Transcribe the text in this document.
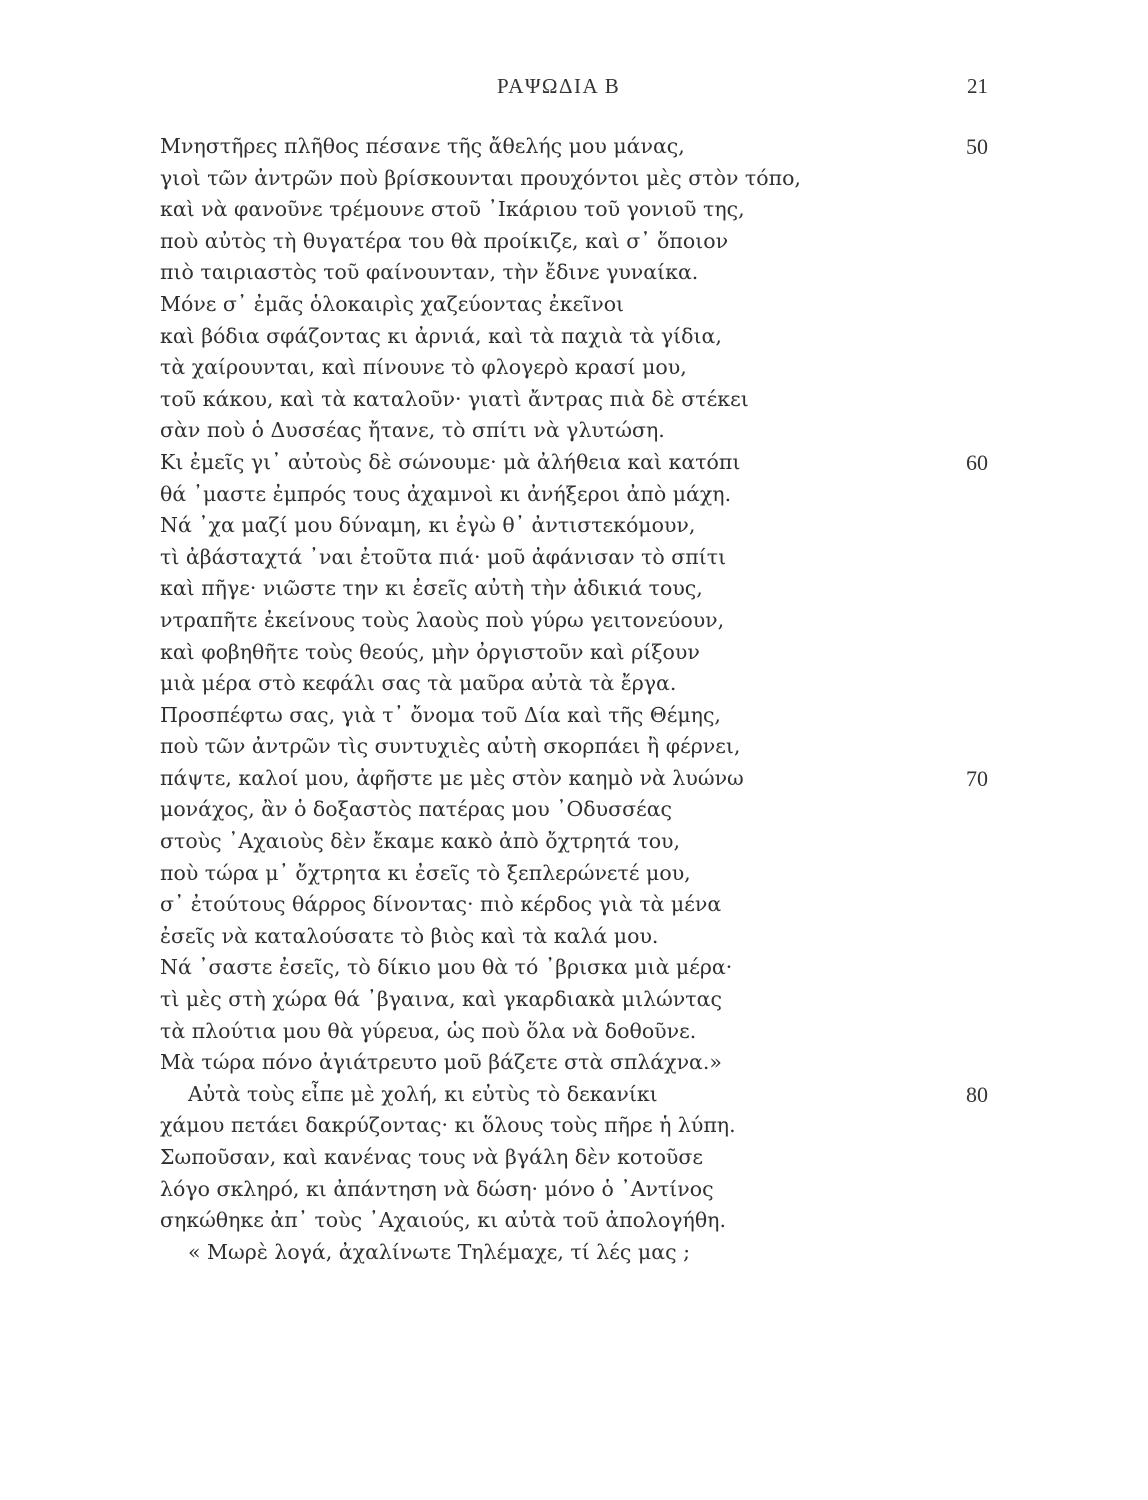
ΡΑΨΩΔΙΑ Β	21
Μνηστῆρες πλῆθος πέσανε τῆς ἄθελής μου μάνας,	50
γιοὶ τῶν ἀντρῶν ποὺ βρίσκουνται προυχόντοι μὲς στὸν τόπο,
καὶ νὰ φανοῦνε τρέμουνε στοῦ ᾿Ικάριου τοῦ γονιοῦ της,
ποὺ αὐτὸς τὴ θυγατέρα του θὰ προίκιζε, καὶ σ᾿ ὅποιον
πιὸ ταιριαστὸς τοῦ φαίνουνταν, τὴν ἔδινε γυναίκα.
Μόνε σ᾿ ἐμᾶς ὁλοκαιρὶς χαζεύοντας ἐκεῖνοι
καὶ βόδια σφάζοντας κι ἀρνιά, καὶ τὰ παχιὰ τὰ γίδια,
τὰ χαίρουνται, καὶ πίνουνε τὸ φλογερὸ κρασί μου,
τοῦ κάκου, καὶ τὰ καταλοῦν· γιατὶ ἄντρας πιὰ δὲ στέκει
σὰν ποὺ ὁ Δυσσέας ἤτανε, τὸ σπίτι νὰ γλυτώση.
Κι ἐμεῖς γι᾿ αὐτοὺς δὲ σώνουμε· μὰ ἀλήθεια καὶ κατόπι	60
θά ᾿μαστε ἐμπρός τους ἀχαμνοὶ κι ἀνήξεροι ἀπὸ μάχη.
Νά ᾿χα μαζί μου δύναμη, κι ἐγὼ θ᾿ ἀντιστεκόμουν,
τὶ ἀβάσταχτά ᾿ναι ἐτοῦτα πιά· μοῦ ἀφάνισαν τὸ σπίτι
καὶ πῆγε· νιῶστε την κι ἐσεῖς αὐτὴ τὴν ἀδικιά τους,
ντραπῆτε ἐκείνους τοὺς λαοὺς ποὺ γύρω γειτονεύουν,
καὶ φοβηθῆτε τοὺς θεούς, μὴν ὀργιστοῦν καὶ ρίξουν
μιὰ μέρα στὸ κεφάλι σας τὰ μαῦρα αὐτὰ τὰ ἔργα.
Προσπέφτω σας, γιὰ τ᾿ ὄνομα τοῦ Δία καὶ τῆς Θέμης,
ποὺ τῶν ἀντρῶν τὶς συντυχιὲς αὐτὴ σκορπάει ἢ φέρνει,
πάψτε, καλοί μου, ἀφῆστε με μὲς στὸν καημὸ νὰ λυώνω	70
μονάχος, ἂν ὁ δοξαστὸς πατέρας μου ᾿Οδυσσέας
στοὺς ᾿Αχαιοὺς δὲν ἔκαμε κακὸ ἀπὸ ὄχτρητά του,
ποὺ τώρα μ᾿ ὄχτρητα κι ἐσεῖς τὸ ξεπλερώνετέ μου,
σ᾿ ἐτούτους θάρρος δίνοντας· πιὸ κέρδος γιὰ τὰ μένα
ἐσεῖς νὰ καταλούσατε τὸ βιὸς καὶ τὰ καλά μου.
Νά ᾿σαστε ἐσεῖς, τὸ δίκιο μου θὰ τό ᾿βρισκα μιὰ μέρα·
τὶ μὲς στὴ χώρα θά ᾿βγαινα, καὶ γκαρδιακὰ μιλώντας
τὰ πλούτια μου θὰ γύρευα, ὡς ποὺ ὅλα νὰ δοθοῦνε.
Μὰ τώρα πόνο ἀγιάτρευτο μοῦ βάζετε στὰ σπλάχνα.»
Αὐτὰ τοὺς εἶπε μὲ χολή, κι εὐτὺς τὸ δεκανίκι	80
χάμου πετάει δακρύζοντας· κι ὅλους τοὺς πῆρε ἡ λύπη.
Σωποῦσαν, καὶ κανένας τους νὰ βγάλη δὲν κοτοῦσε
λόγο σκληρό, κι ἀπάντηση νὰ δώση· μόνο ὁ ᾿Αντίνος
σηκώθηκε ἀπ᾿ τοὺς ᾿Αχαιούς, κι αὐτὰ τοῦ ἀπολογήθη.
« Μωρὲ λογά, ἀχαλίνωτε Τηλέμαχε, τί λές μας ;
